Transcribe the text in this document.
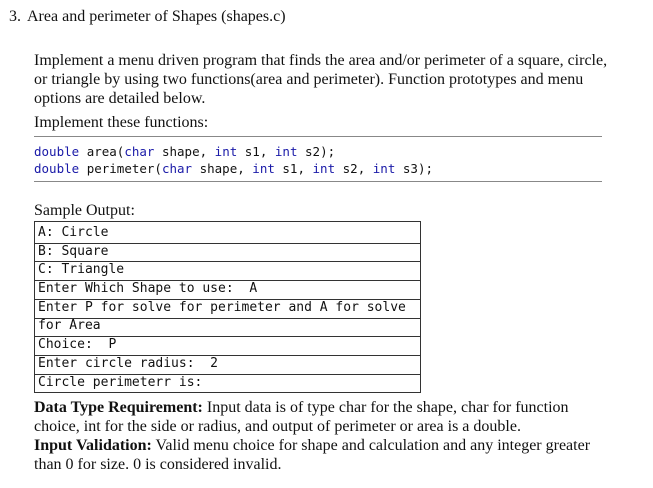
3. Area and perimeter of Shapes (shapes.c)
Implement a menu driven program that finds the area and/or perimeter of a square, circle, or triangle by using two functions(area and perimeter). Function prototypes and menu options are detailed below.
Implement these functions:
double area(char shape, int s1, int s2);
double perimeter(char shape, int s1, int s2, int s3);
Sample Output:
A: Circle
B: Square
C: Triangle
Enter Which Shape to use:  A
Enter P for solve for perimeter and A for solve
for Area
Choice:  P
Enter circle radius:  2
Circle perimeterr is:
Data Type Requirement: Input data is of type char for the shape, char for function choice, int for the side or radius, and output of perimeter or area is a double.
Input Validation: Valid menu choice for shape and calculation and any integer greater than 0 for size. 0 is considered invalid.
